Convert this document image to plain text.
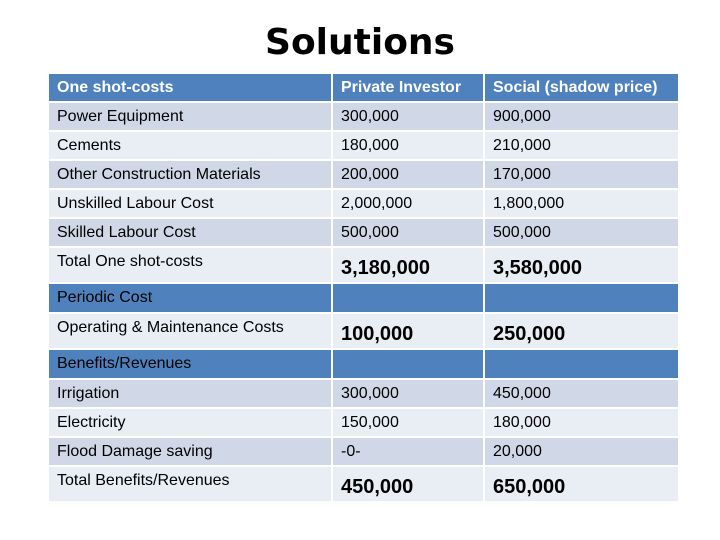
Solutions
One shot-costs	Private Investor	Social (shadow price)
Power Equipment	300,000	900,000
Cements	180,000	210,000
Other Construction Materials	200,000	170,000
Unskilled Labour Cost	2,000,000	1,800,000
Skilled Labour Cost	500,000	500,000
Total One shot-costs	3,180,000	3,580,000
Periodic Cost		
Operating & Maintenance Costs	100,000	250,000
Benefits/Revenues		
Irrigation	300,000	450,000
Electricity	150,000	180,000
Flood Damage saving	-0-	20,000
Total Benefits/Revenues	450,000	650,000
